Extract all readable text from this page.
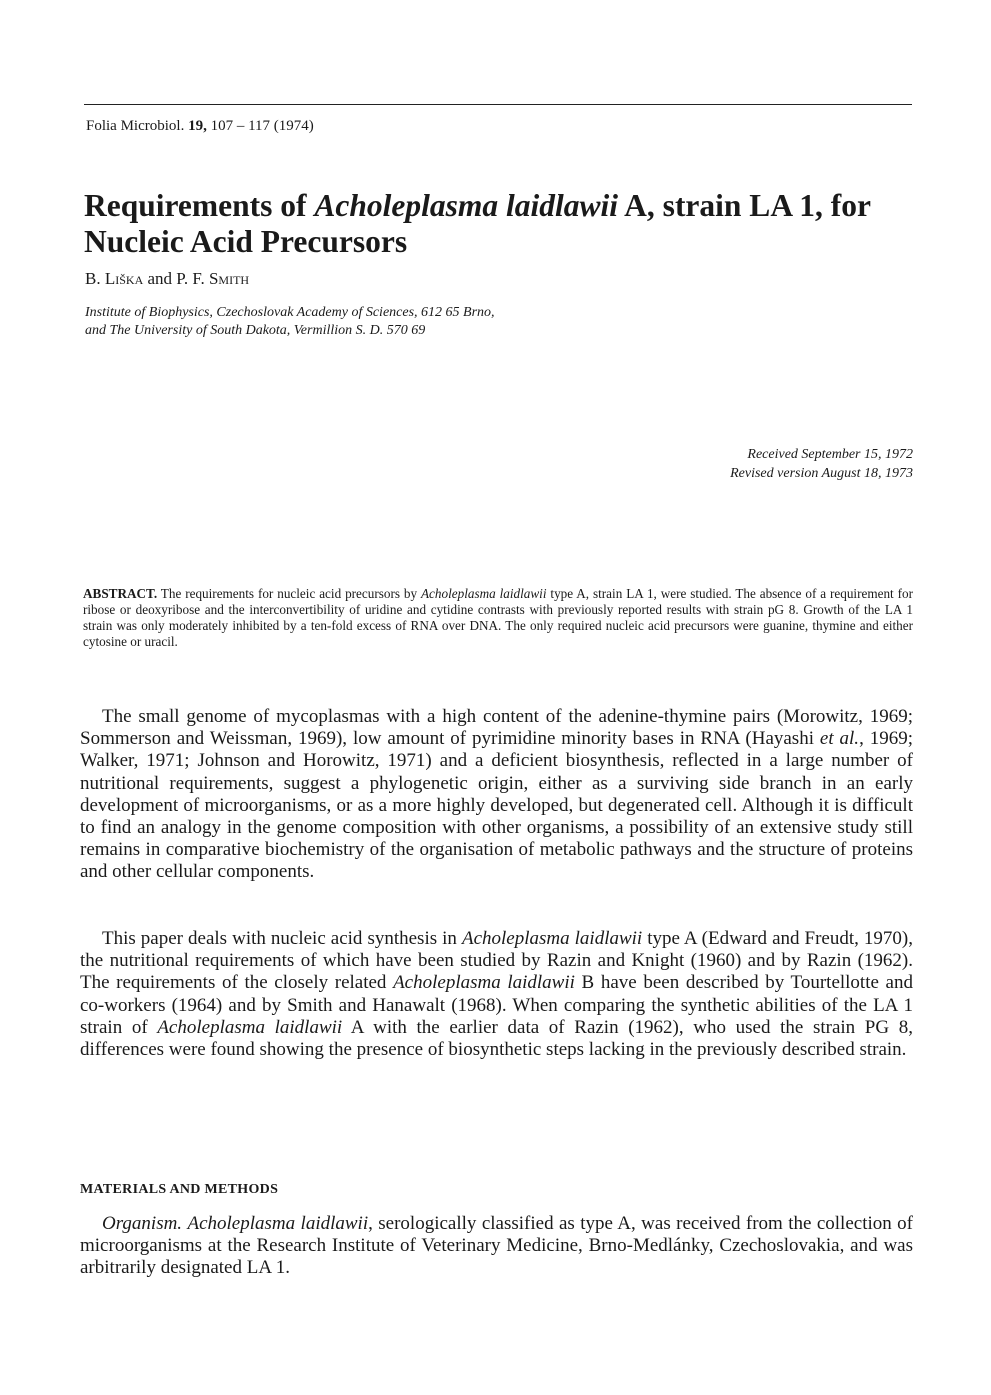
Folia Microbiol. 19, 107 – 117 (1974)
Requirements of Acholeplasma laidlawii A, strain LA 1, for Nucleic Acid Precursors
B. Liška and P. F. Smith
Institute of Biophysics, Czechoslovak Academy of Sciences, 612 65 Brno,
and The University of South Dakota, Vermillion S. D. 570 69
Received September 15, 1972
Revised version August 18, 1973

ABSTRACT. The requirements for nucleic acid precursors by Acholeplasma laidlawii type A, strain LA 1, were studied. The absence of a requirement for ribose or deoxyribose and the interconvertibility of uridine and cytidine contrasts with previously reported results with strain pG 8. Growth of the LA 1 strain was only moderately inhibited by a ten-fold excess of RNA over DNA. The only required nucleic acid precursors were guanine, thymine and either cytosine or uracil.

The small genome of mycoplasmas with a high content of the adenine-thymine pairs (Morowitz, 1969; Sommerson and Weissman, 1969), low amount of pyrimidine minority bases in RNA (Hayashi et al., 1969; Walker, 1971; Johnson and Horowitz, 1971) and a deficient biosynthesis, reflected in a large number of nutritional requirements, suggest a phylogenetic origin, either as a surviving side branch in an early development of microorganisms, or as a more highly developed, but degenerated cell. Although it is difficult to find an analogy in the genome composition with other organisms, a possibility of an extensive study still remains in comparative biochemistry of the organisation of metabolic pathways and the structure of proteins and other cellular components.

This paper deals with nucleic acid synthesis in Acholeplasma laidlawii type A (Edward and Freudt, 1970), the nutritional requirements of which have been studied by Razin and Knight (1960) and by Razin (1962). The requirements of the closely related Acholeplasma laidlawii B have been described by Tourtellotte and co-workers (1964) and by Smith and Hanawalt (1968). When comparing the synthetic abilities of the LA 1 strain of Acholeplasma laidlawii A with the earlier data of Razin (1962), who used the strain PG 8, differences were found showing the presence of biosynthetic steps lacking in the previously described strain.

MATERIALS AND METHODS

Organism. Acholeplasma laidlawii, serologically classified as type A, was received from the collection of microorganisms at the Research Institute of Veterinary Medicine, Brno-Medlánky, Czechoslovakia, and was arbitrarily designated LA 1.
